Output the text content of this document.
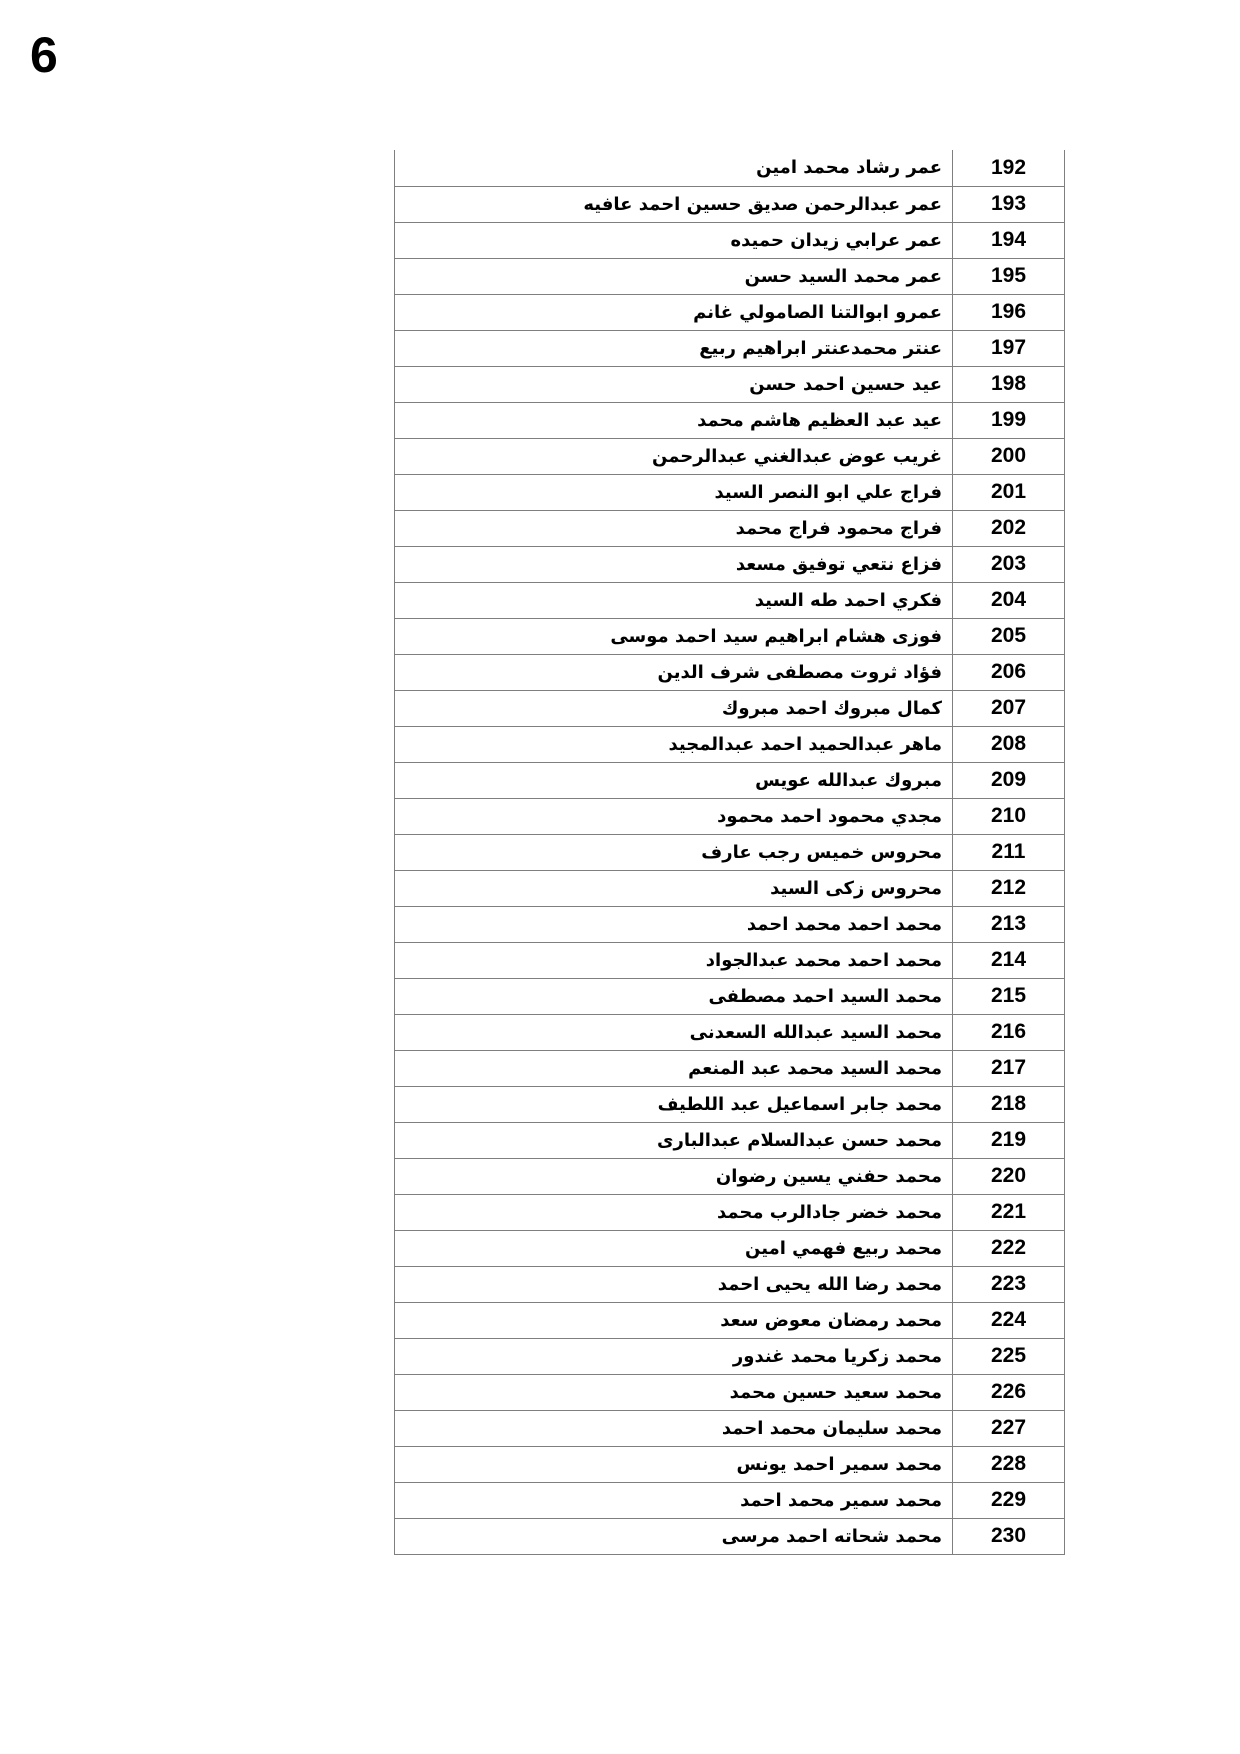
6
عمر رشاد محمد امين	192
عمر عبدالرحمن صديق حسين احمد عافيه	193
عمر عرابي زيدان حميده	194
عمر محمد السيد حسن	195
عمرو ابوالتنا الصامولي غانم	196
عنتر محمدعنتر ابراهيم ربيع	197
عيد حسين احمد حسن	198
عيد عبد العظيم هاشم محمد	199
غريب عوض عبدالغني عبدالرحمن	200
فراج علي ابو النصر السيد	201
فراج محمود فراج محمد	202
فزاع نتعي توفيق مسعد	203
فكري احمد طه السيد	204
فوزى هشام ابراهيم سيد احمد موسى	205
فؤاد ثروت مصطفى شرف الدين	206
كمال مبروك احمد مبروك	207
ماهر عبدالحميد احمد عبدالمجيد	208
مبروك عبدالله عويس	209
مجدي محمود احمد محمود	210
محروس خميس رجب عارف	211
محروس زكى السيد	212
محمد احمد محمد احمد	213
محمد احمد محمد عبدالجواد	214
محمد السيد احمد مصطفى	215
محمد السيد عبدالله السعدنى	216
محمد السيد محمد عبد المنعم	217
محمد جابر اسماعيل عبد اللطيف	218
محمد حسن عبدالسلام عبدالبارى	219
محمد حفني يسين رضوان	220
محمد خضر جادالرب محمد	221
محمد ربيع فهمي امين	222
محمد رضا الله يحيى احمد	223
محمد رمضان معوض سعد	224
محمد زكريا محمد غندور	225
محمد سعيد حسين محمد	226
محمد سليمان محمد احمد	227
محمد سمير احمد يونس	228
محمد سمير محمد احمد	229
محمد شحاته احمد مرسى	230
